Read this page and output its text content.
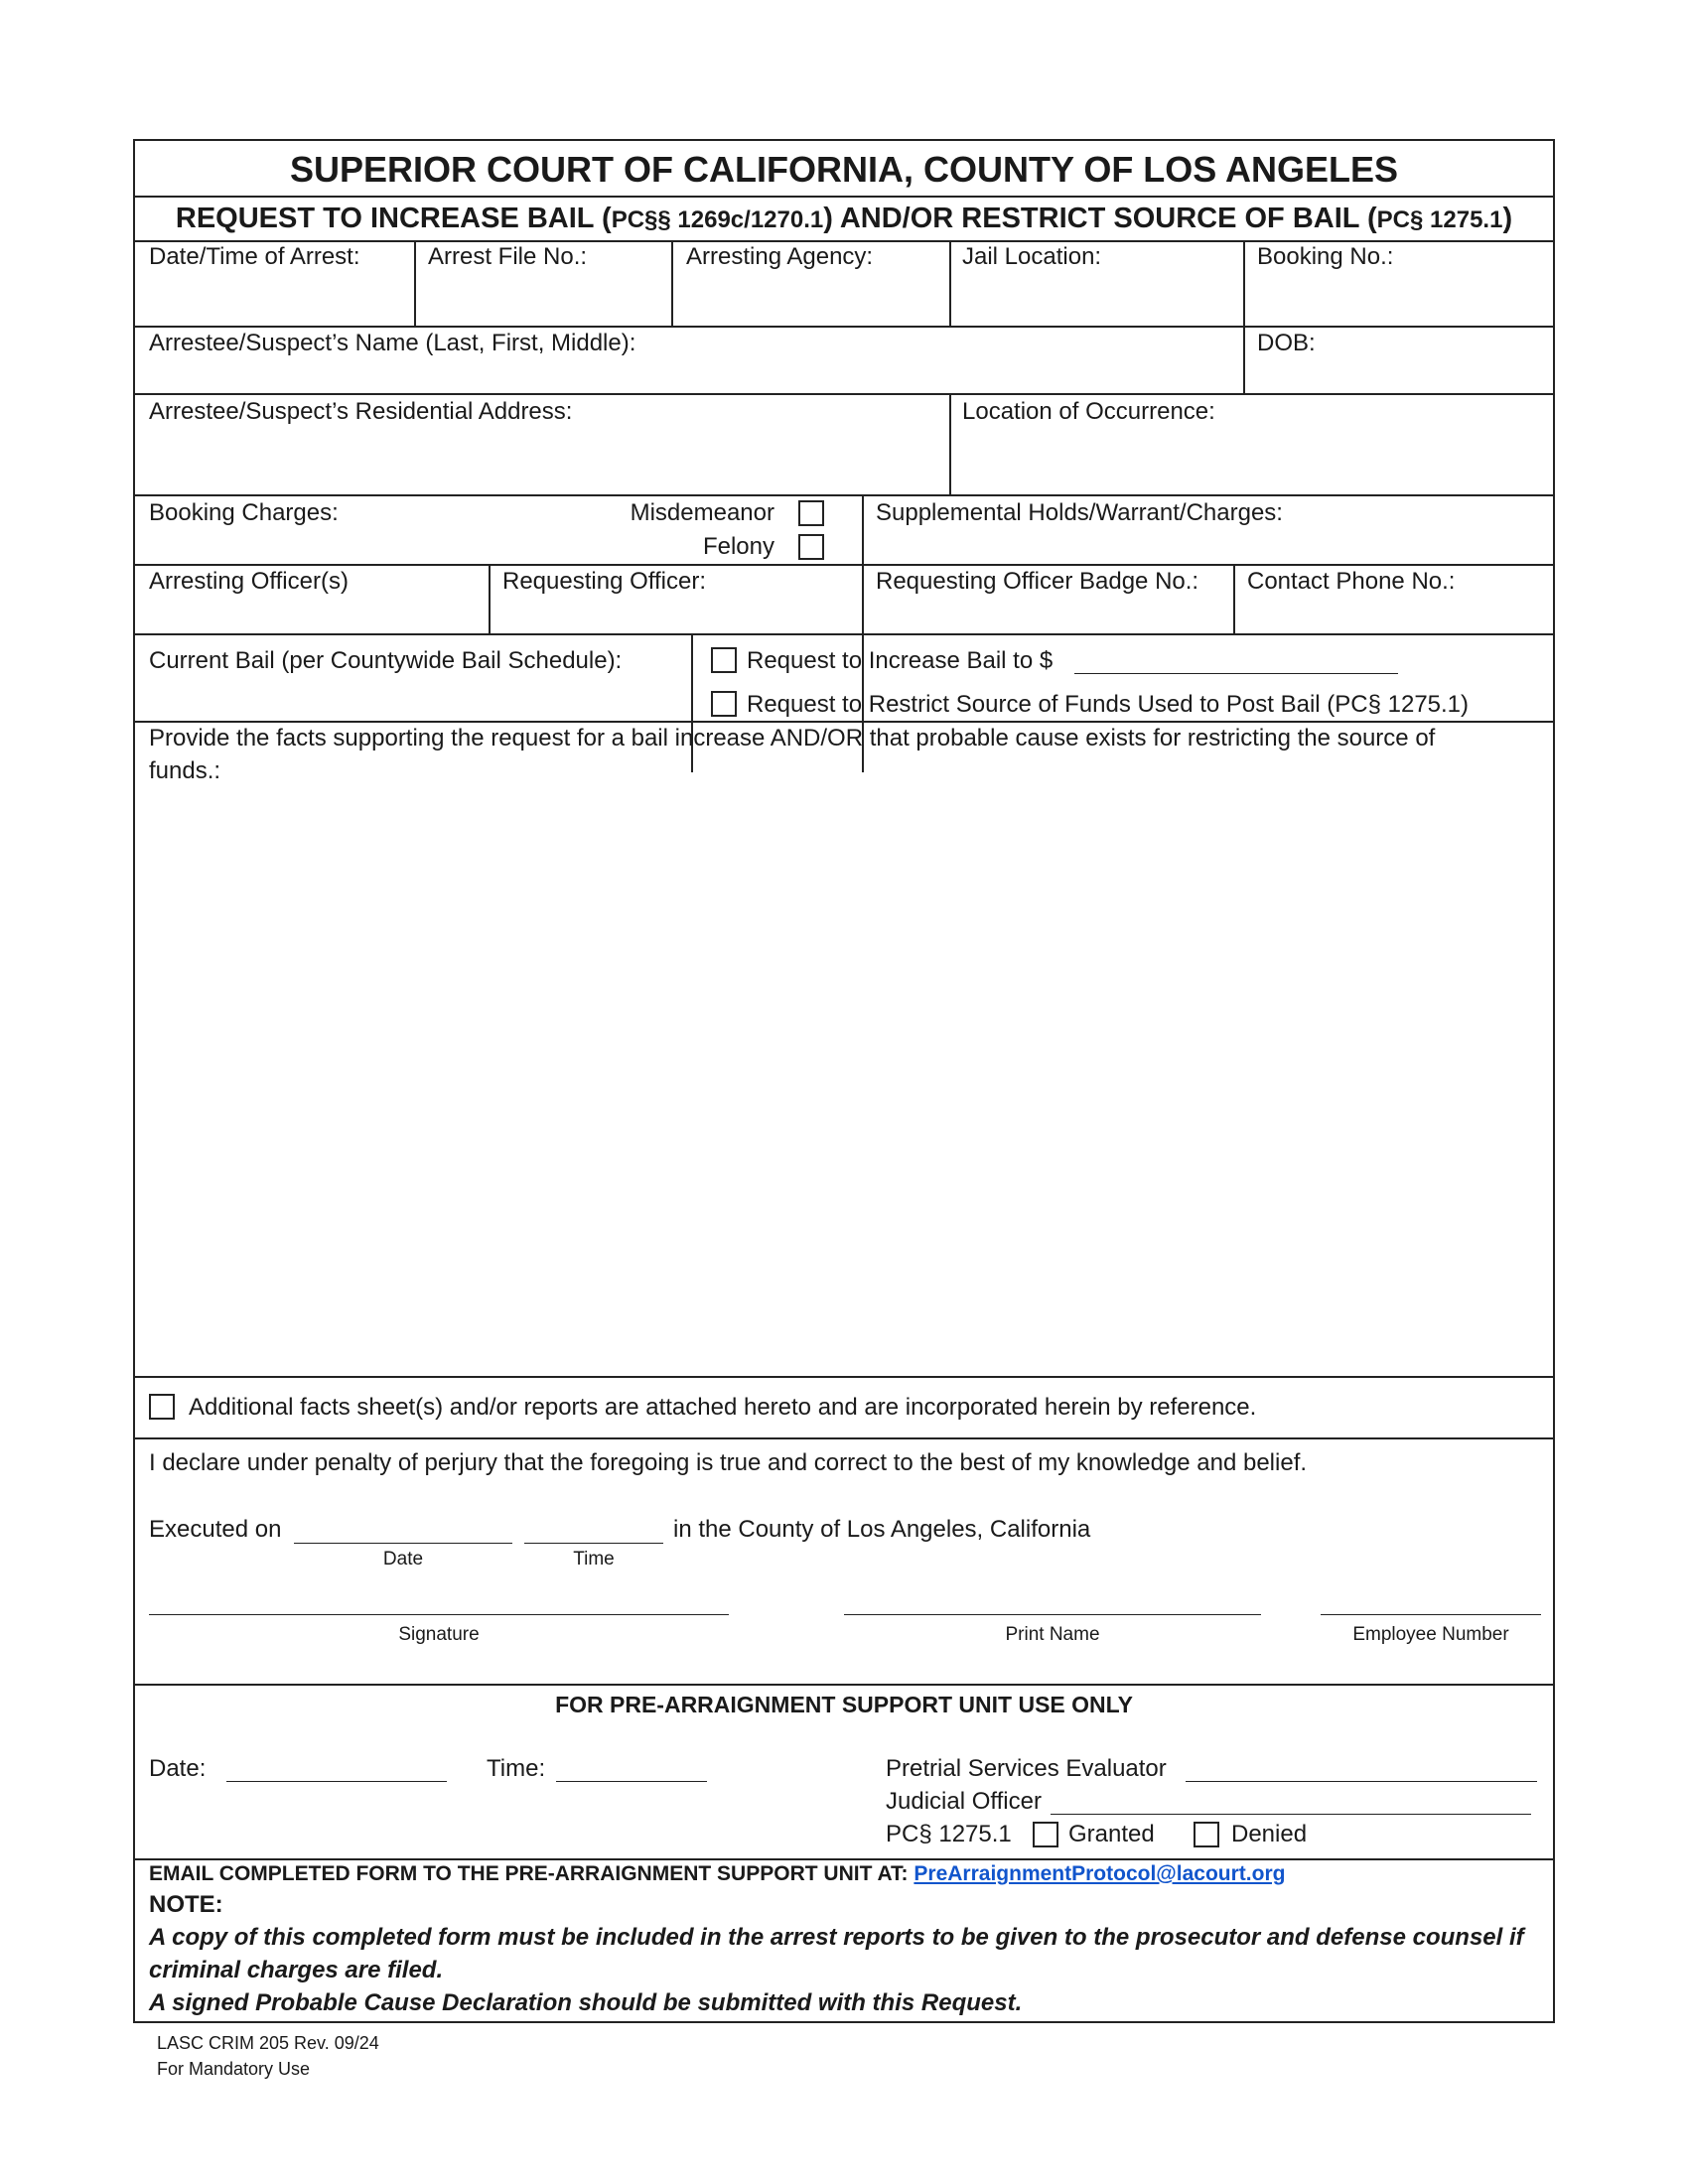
SUPERIOR COURT OF CALIFORNIA, COUNTY OF LOS ANGELES
REQUEST TO INCREASE BAIL (PC§§ 1269c/1270.1) AND/OR RESTRICT SOURCE OF BAIL (PC§ 1275.1)
Date/Time of Arrest:	Arrest File No.:	Arresting Agency:	Jail Location:	Booking No.:
Arrestee/Suspect’s Name (Last, First, Middle):	DOB:
Arrestee/Suspect’s Residential Address:	Location of Occurrence:
Booking Charges:	Misdemeanor
Felony
Supplemental Holds/Warrant/Charges:
Arresting Officer(s)	Requesting Officer:	Requesting Officer Badge No.: Contact Phone No.:
Current Bail (per Countywide Bail Schedule):	Request to Increase Bail to $
Request to Restrict Source of Funds Used to Post Bail (PC§ 1275.1)
Provide the facts supporting the request for a bail increase AND/OR that probable cause exists for restricting the source of
funds.:
Additional facts sheet(s) and/or reports are attached hereto and are incorporated herein by reference.
I declare under penalty of perjury that the foregoing is true and correct to the best of my knowledge and belief.
Executed on	in the County of Los Angeles, California
Date	Time
Signature	Print Name	Employee Number
FOR PRE-ARRAIGNMENT SUPPORT UNIT USE ONLY
Date:	Time:	Pretrial Services Evaluator
Judicial Officer
PC§ 1275.1 Granted	Denied
EMAIL COMPLETED FORM TO THE PRE-ARRAIGNMENT SUPPORT UNIT AT: PreArraignmentProtocol@lacourt.org
NOTE:
A copy of this completed form must be included in the arrest reports to be given to the prosecutor and defense counsel if
criminal charges are filed.
A signed Probable Cause Declaration should be submitted with this Request.
LASC CRIM 205 Rev. 09/24
For Mandatory Use
